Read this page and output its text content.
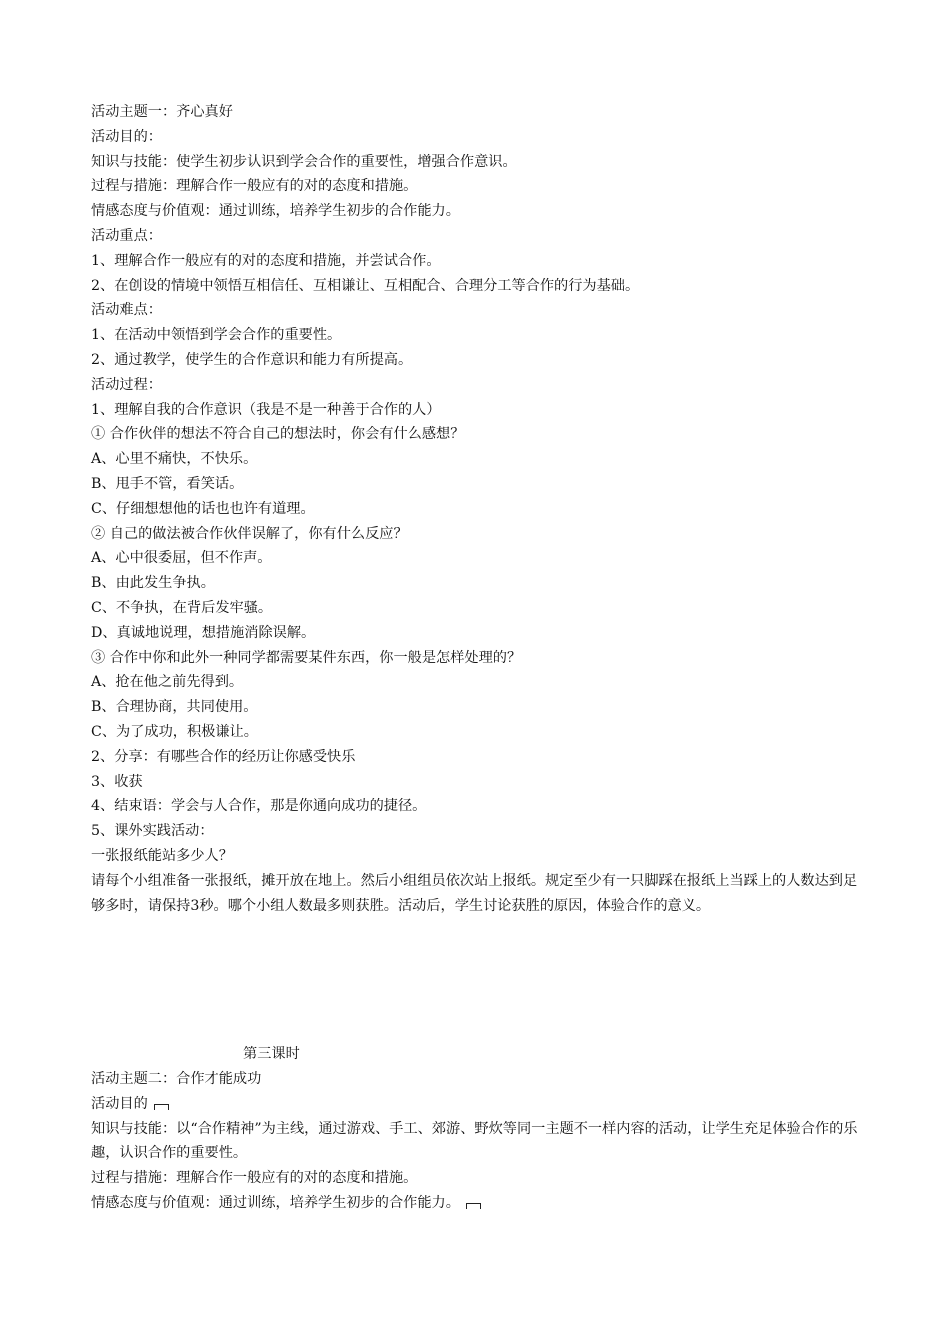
活动主题一：齐心真好
活动目的：
知识与技能：使学生初步认识到学会合作的重要性，增强合作意识。
过程与措施：理解合作一般应有的对的态度和措施。
情感态度与价值观：通过训练，培养学生初步的合作能力。
活动重点：
1、理解合作一般应有的对的态度和措施，并尝试合作。
2、在创设的情境中领悟互相信任、互相谦让、互相配合、合理分工等合作的行为基础。
活动难点：
1、在活动中领悟到学会合作的重要性。
2、通过教学，使学生的合作意识和能力有所提高。
活动过程：
1、理解自我的合作意识（我是不是一种善于合作的人）
① 合作伙伴的想法不符合自己的想法时，你会有什么感想？
A、心里不痛快，不快乐。
B、甩手不管，看笑话。
C、仔细想想他的话也也许有道理。
② 自己的做法被合作伙伴误解了，你有什么反应？
A、心中很委屈，但不作声。
B、由此发生争执。
C、不争执，在背后发牢骚。
D、真诚地说理，想措施消除误解。
③ 合作中你和此外一种同学都需要某件东西，你一般是怎样处理的？
A、抢在他之前先得到。
B、合理协商，共同使用。
C、为了成功，积极谦让。
2、分享：有哪些合作的经历让你感受快乐
3、收获
4、结束语：学会与人合作，那是你通向成功的捷径。
5、课外实践活动：
一张报纸能站多少人？
请每个小组准备一张报纸，摊开放在地上。然后小组组员依次站上报纸。规定至少有一只脚踩在报纸上当踩上的人数达到足够多时，请保持3秒。哪个小组人数最多则获胜。活动后，学生讨论获胜的原因，体验合作的意义。
第三课时
活动主题二：合作才能成功
活动目的
知识与技能：以“合作精神”为主线，通过游戏、手工、郊游、野炊等同一主题不一样内容的活动，让学生充足体验合作的乐趣，认识合作的重要性。
过程与措施：理解合作一般应有的对的态度和措施。
情感态度与价值观：通过训练，培养学生初步的合作能力。
